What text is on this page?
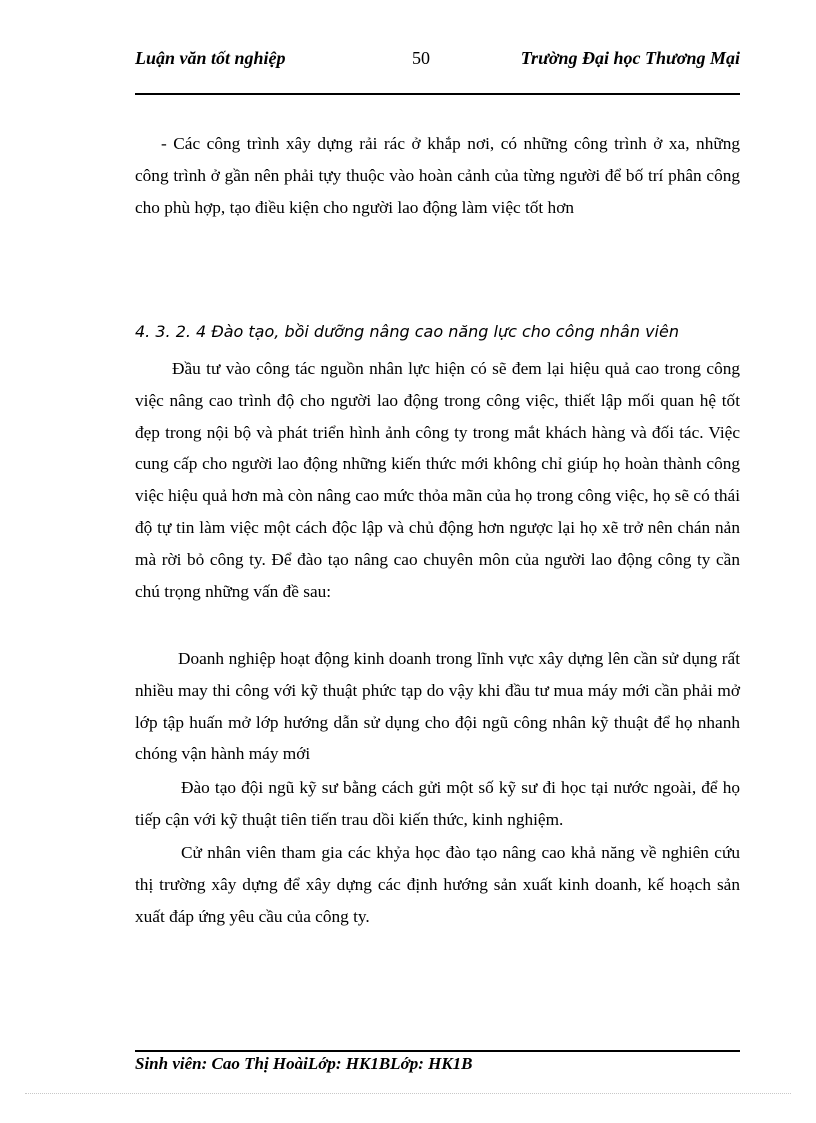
Luận văn tốt nghiệp	50	Trường Đại học Thương Mại
- Các công trình xây dựng rải rác ở khắp nơi, có những công trình ở xa, những công trình ở gần nên phải tựy thuộc vào hoàn cảnh của từng người để bố trí phân công cho phù hợp, tạo điều kiện cho người lao động làm việc tốt hơn
4. 3. 2. 4 Đào tạo, bồi dưỡng nâng cao năng lực cho công nhân viên
Đầu tư vào công tác nguồn nhân lực hiện có sẽ đem lại hiệu quả cao trong công việc nâng cao trình độ cho người lao động trong công việc, thiết lập mối quan hệ tốt đẹp trong nội bộ và phát triển hình ảnh công ty trong mắt khách hàng và đối tác. Việc cung cấp cho người lao động những kiến thức mới không chỉ giúp họ hoàn thành công việc hiệu quả hơn mà còn nâng cao mức thỏa mãn của họ trong công việc, họ sẽ có thái độ tự tin làm việc một cách độc lập và chủ động hơn ngược lại họ xẽ trở nên chán nản mà rời bỏ công ty. Để đào tạo nâng cao chuyên môn của người lao động công ty cần chú trọng những vấn đề sau:
Doanh nghiệp hoạt động kinh doanh trong lĩnh vực xây dựng lên cần sử dụng rất nhiều may thi công với kỹ thuật phức tạp do vậy khi đầu tư mua máy mới cần phải mở lớp tập huấn mở lớp hướng dẫn sử dụng cho đội ngũ công nhân kỹ thuật để họ nhanh chóng vận hành máy mới
Đào tạo đội ngũ kỹ sư bằng cách gửi một số kỹ sư đi học tại nước ngoài, để họ tiếp cận với kỹ thuật tiên tiến trau dồi kiến thức, kinh nghiệm.
Cử nhân viên tham gia các khỷa học đào tạo nâng cao khả năng về nghiên cứu thị trường xây dựng để xây dựng các định hướng sản xuất kinh doanh, kế hoạch sản xuất đáp ứng yêu cầu của công ty.
Sinh viên: Cao Thị HoàiLớp: HK1BLớp: HK1B
